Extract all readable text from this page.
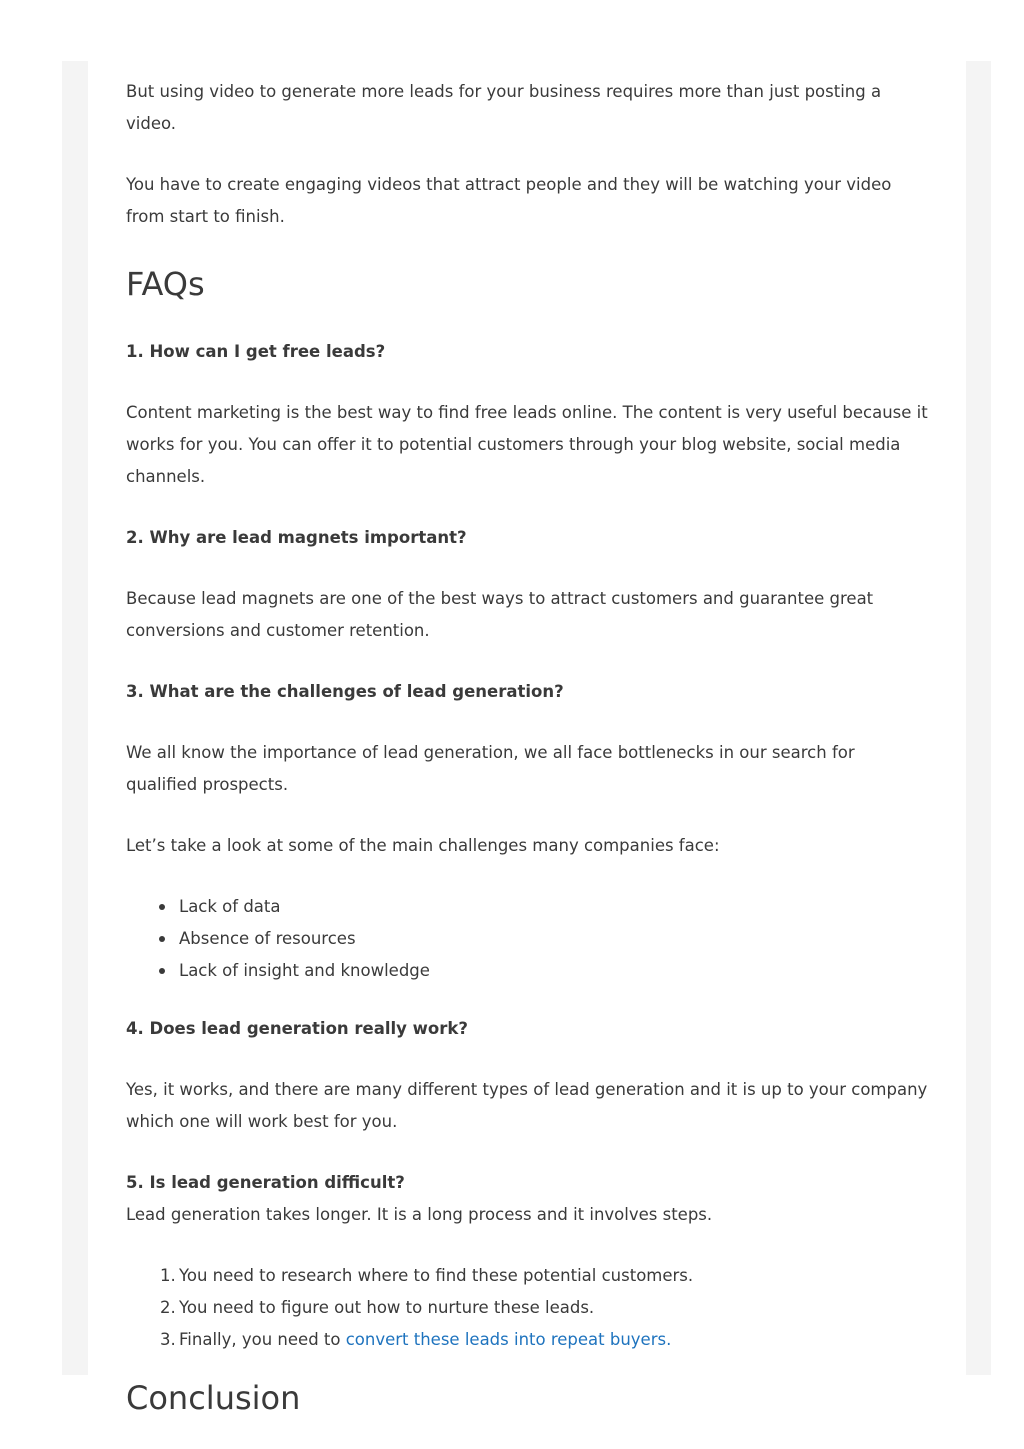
But using video to generate more leads for your business requires more than just posting a video.

You have to create engaging videos that attract people and they will be watching your video from start to finish.

FAQs
1. How can I get free leads?

Content marketing is the best way to find free leads online. The content is very useful because it works for you. You can offer it to potential customers through your blog website, social media channels.

2. Why are lead magnets important?

Because lead magnets are one of the best ways to attract customers and guarantee great conversions and customer retention.

3. What are the challenges of lead generation?

We all know the importance of lead generation, we all face bottlenecks in our search for qualified prospects.

Let’s take a look at some of the main challenges many companies face:

Lack of data
Absence of resources
Lack of insight and knowledge
4. Does lead generation really work?

Yes, it works, and there are many different types of lead generation and it is up to your company which one will work best for you.

5. Is lead generation difficult?

Lead generation takes longer. It is a long process and it involves steps.

1. You need to research where to find these potential customers.
2. You need to figure out how to nurture these leads.
3. Finally, you need to convert these leads into repeat buyers.
Conclusion
